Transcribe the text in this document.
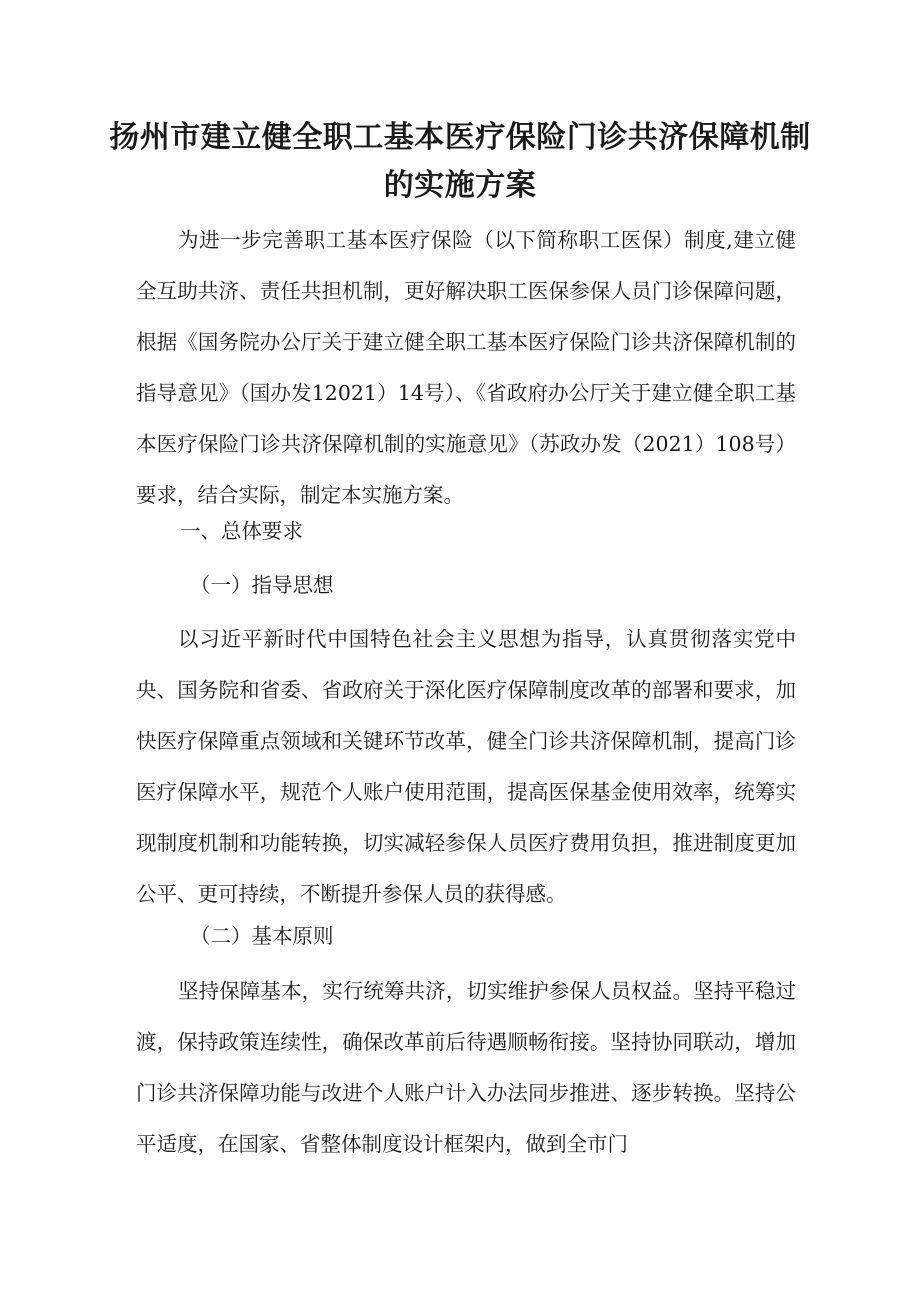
扬州市建立健全职工基本医疗保险门诊共济保障机制
的实施方案

为进一步完善职工基本医疗保险（以下简称职工医保）制度,建立健全互助共济、责任共担机制，更好解决职工医保参保人员门诊保障问题，根据《国务院办公厅关于建立健全职工基本医疗保险门诊共济保障机制的指导意见》（国办发12021）14号）、《省政府办公厅关于建立健全职工基本医疗保险门诊共济保障机制的实施意见》（苏政办发（2021）108号）要求，结合实际，制定本实施方案。

一、总体要求

（一）指导思想

以习近平新时代中国特色社会主义思想为指导，认真贯彻落实党中央、国务院和省委、省政府关于深化医疗保障制度改革的部署和要求，加快医疗保障重点领域和关键环节改革，健全门诊共济保障机制，提高门诊医疗保障水平，规范个人账户使用范围，提高医保基金使用效率，统筹实现制度机制和功能转换，切实减轻参保人员医疗费用负担，推进制度更加公平、更可持续，不断提升参保人员的获得感。

（二）基本原则

坚持保障基本，实行统筹共济，切实维护参保人员权益。坚持平稳过渡，保持政策连续性，确保改革前后待遇顺畅衔接。坚持协同联动，增加门诊共济保障功能与改进个人账户计入办法同步推进、逐步转换。坚持公平适度，在国家、省整体制度设计框架内，做到全市门
